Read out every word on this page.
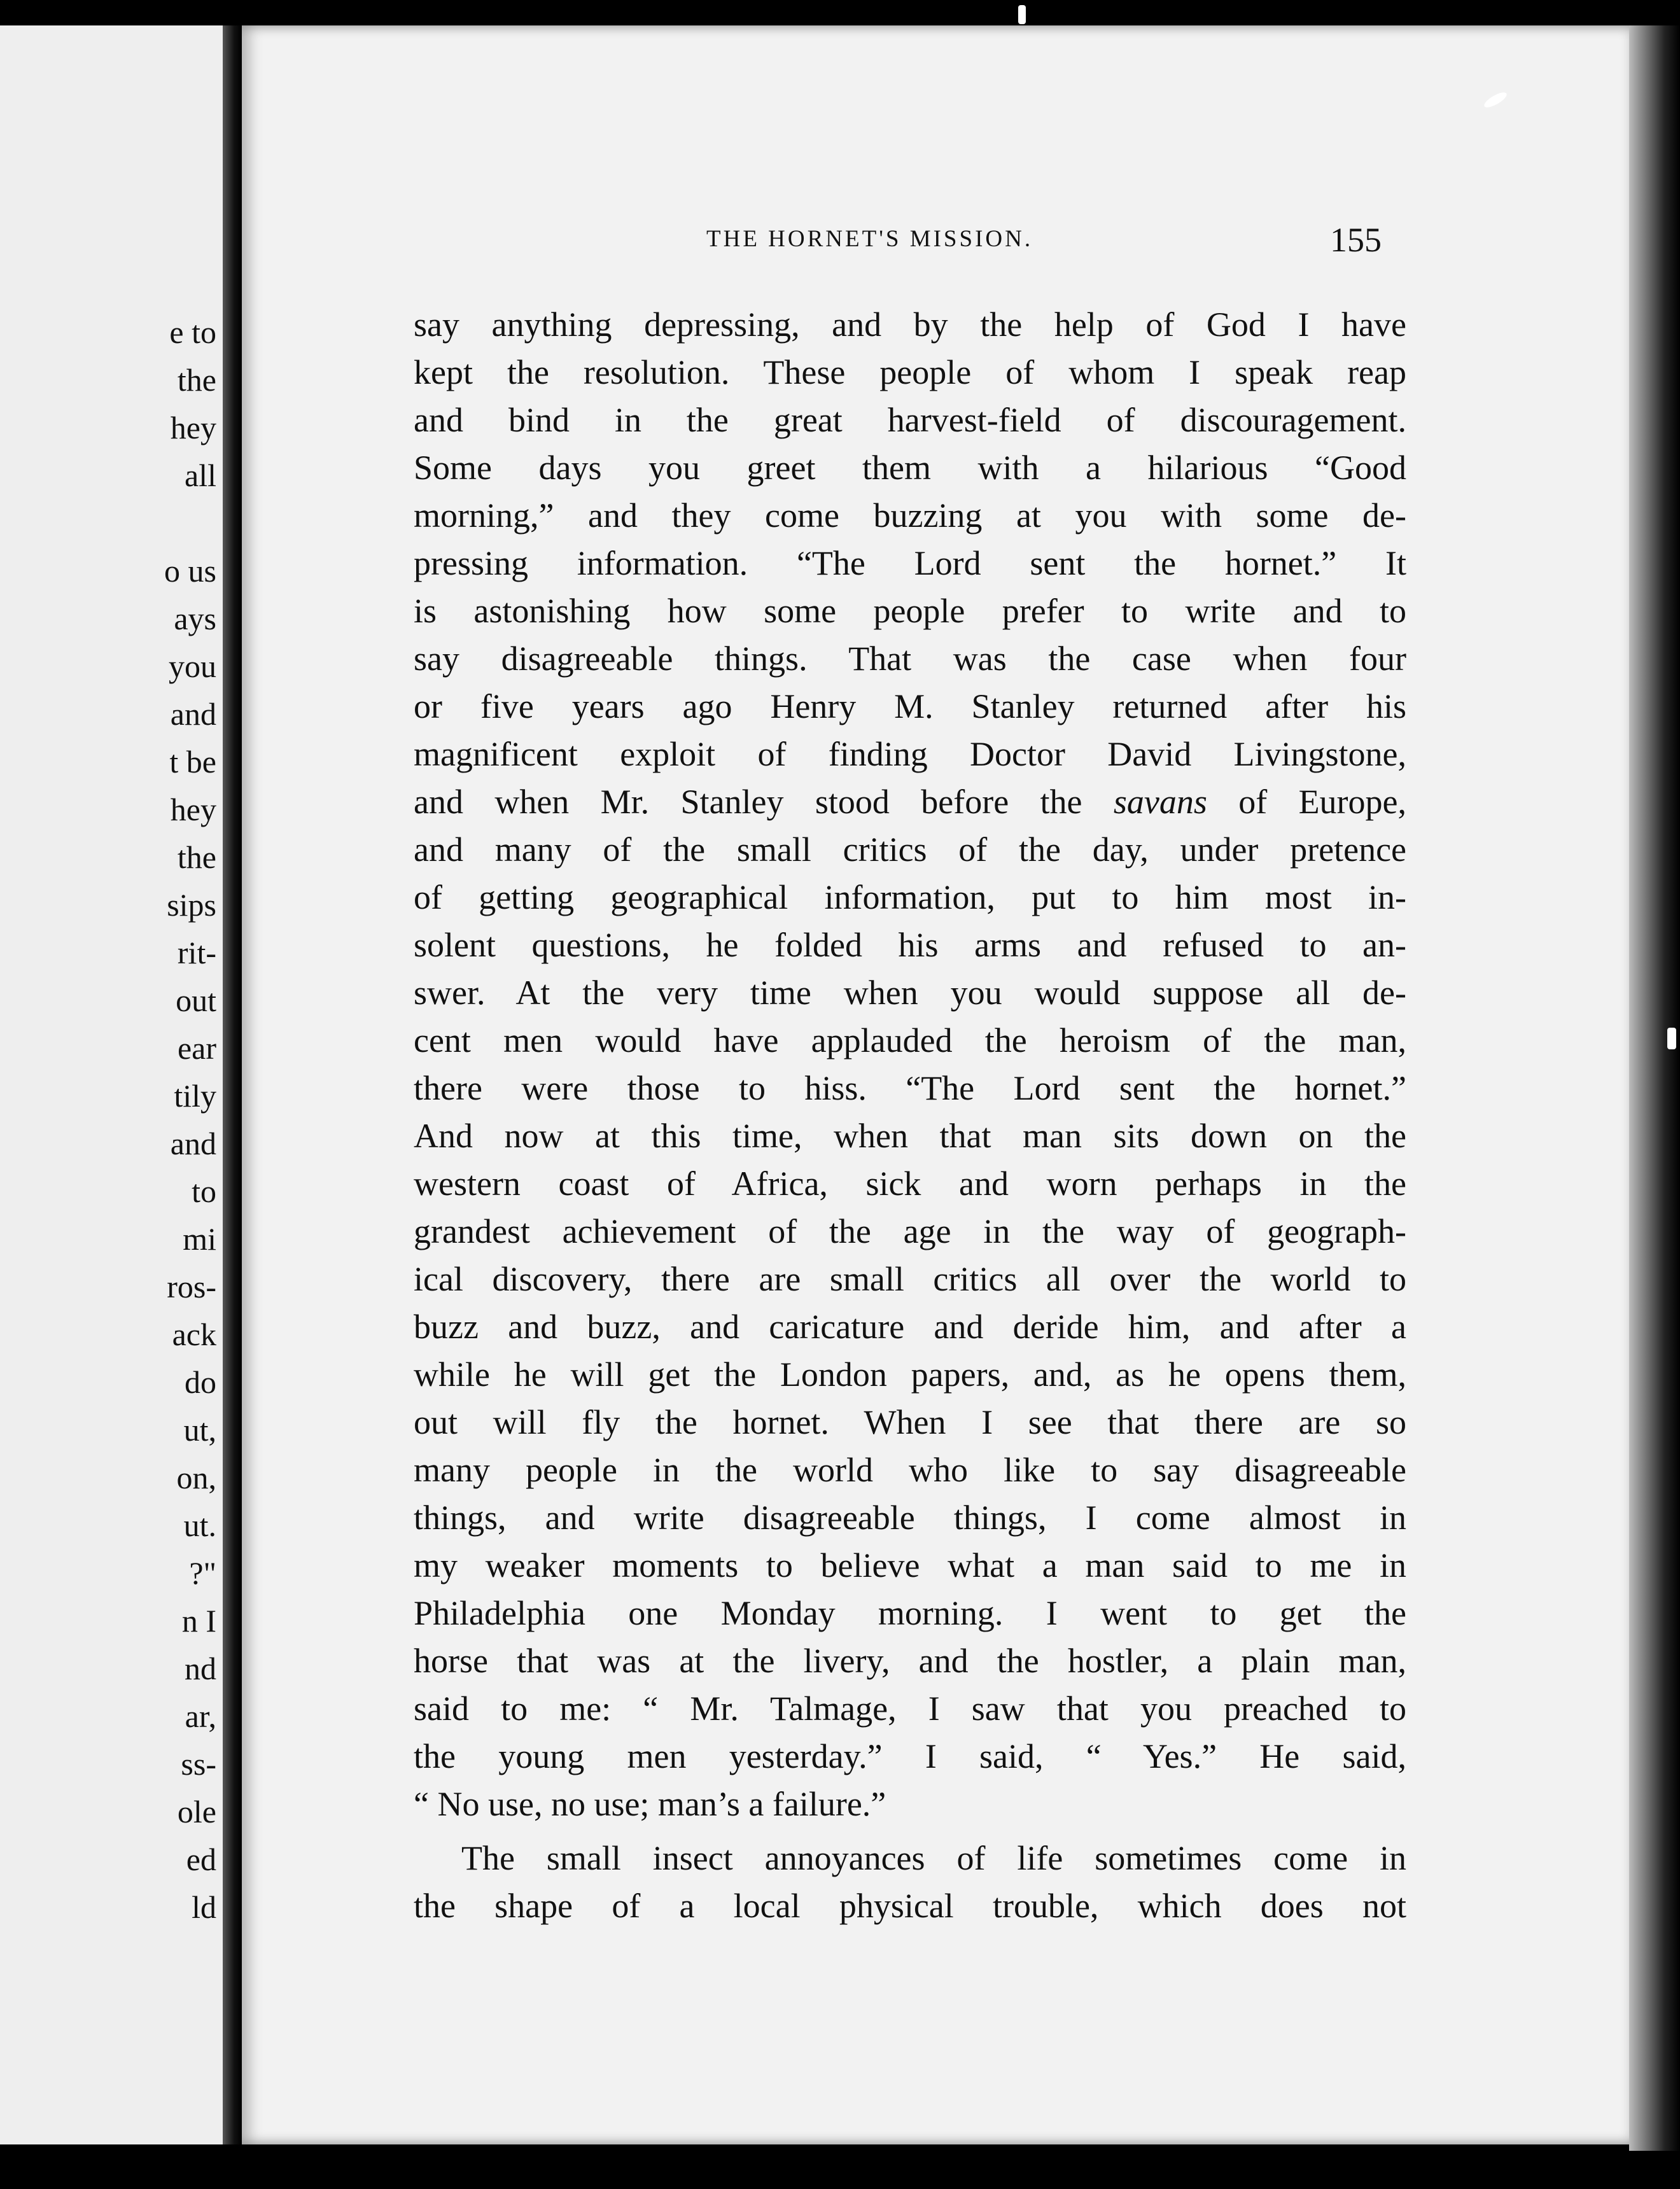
e to
the
hey
all
o us
ays
you
and
t be
hey
the
sips
rit-
out
ear
tily
and
to
mi
ros-
ack
do
ut,
on,
ut.
?"
n I
nd
ar,
ss-
ole
ed
ld
THE HORNET'S MISSION.	155
say anything depressing, and by the help of God I have
kept the resolution. These people of whom I speak reap
and bind in the great harvest-field of discouragement.
Some days you greet them with a hilarious “Good
morning,” and they come buzzing at you with some de-
pressing information. “The Lord sent the hornet.” It
is astonishing how some people prefer to write and to
say disagreeable things. That was the case when four
or five years ago Henry M. Stanley returned after his
magnificent exploit of finding Doctor David Livingstone,
and when Mr. Stanley stood before the savans of Europe,
and many of the small critics of the day, under pretence
of getting geographical information, put to him most in-
solent questions, he folded his arms and refused to an-
swer. At the very time when you would suppose all de-
cent men would have applauded the heroism of the man,
there were those to hiss. “The Lord sent the hornet.”
And now at this time, when that man sits down on the
western coast of Africa, sick and worn perhaps in the
grandest achievement of the age in the way of geograph-
ical discovery, there are small critics all over the world to
buzz and buzz, and caricature and deride him, and after a
while he will get the London papers, and, as he opens them,
out will fly the hornet. When I see that there are so
many people in the world who like to say disagreeable
things, and write disagreeable things, I come almost in
my weaker moments to believe what a man said to me in
Philadelphia one Monday morning. I went to get the
horse that was at the livery, and the hostler, a plain man,
said to me: “ Mr. Talmage, I saw that you preached to
the young men yesterday.” I said, “ Yes.” He said,
“ No use, no use; man’s a failure.”
The small insect annoyances of life sometimes come in
the shape of a local physical trouble, which does not
